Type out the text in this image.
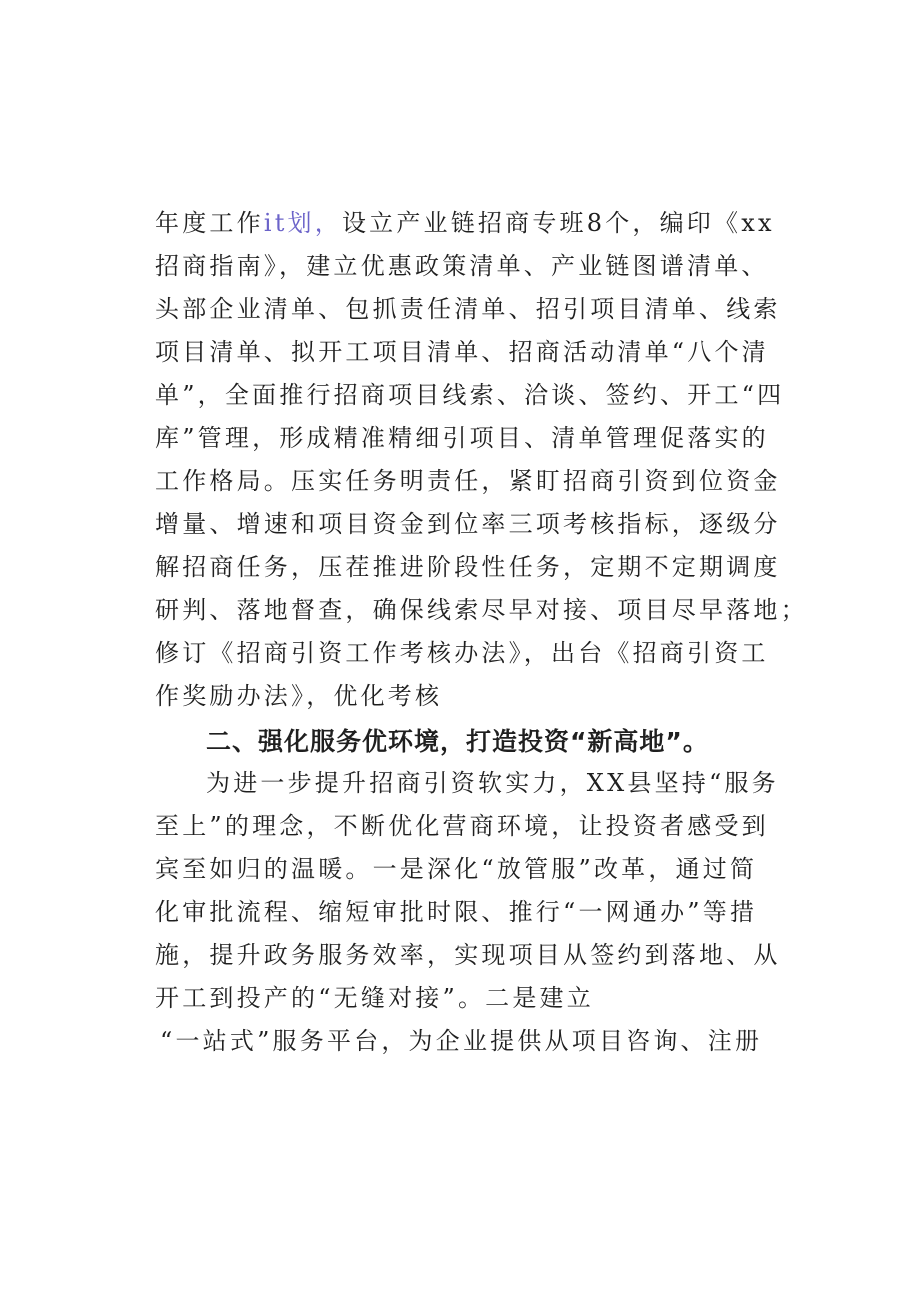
年度工作it划，设立产业链招商专班8个，编印《xx
招商指南》，建立优惠政策清单、产业链图谱清单、
头部企业清单、包抓责任清单、招引项目清单、线索
项目清单、拟开工项目清单、招商活动清单“八个清
单”，全面推行招商项目线索、洽谈、签约、开工“四
库”管理，形成精准精细引项目、清单管理促落实的
工作格局。压实任务明责任，紧盯招商引资到位资金
增量、增速和项目资金到位率三项考核指标，逐级分
解招商任务，压茬推进阶段性任务，定期不定期调度
研判、落地督查，确保线索尽早对接、项目尽早落地；
修订《招商引资工作考核办法》，出台《招商引资工
作奖励办法》，优化考核
二、强化服务优环境，打造投资“新高地”。
为进一步提升招商引资软实力，XX县坚持“服务
至上”的理念，不断优化营商环境，让投资者感受到
宾至如归的温暖。一是深化“放管服”改革，通过简
化审批流程、缩短审批时限、推行“一网通办”等措
施，提升政务服务效率，实现项目从签约到落地、从
开工到投产的“无缝对接”。二是建立
“一站式”服务平台，为企业提供从项目咨询、注册
